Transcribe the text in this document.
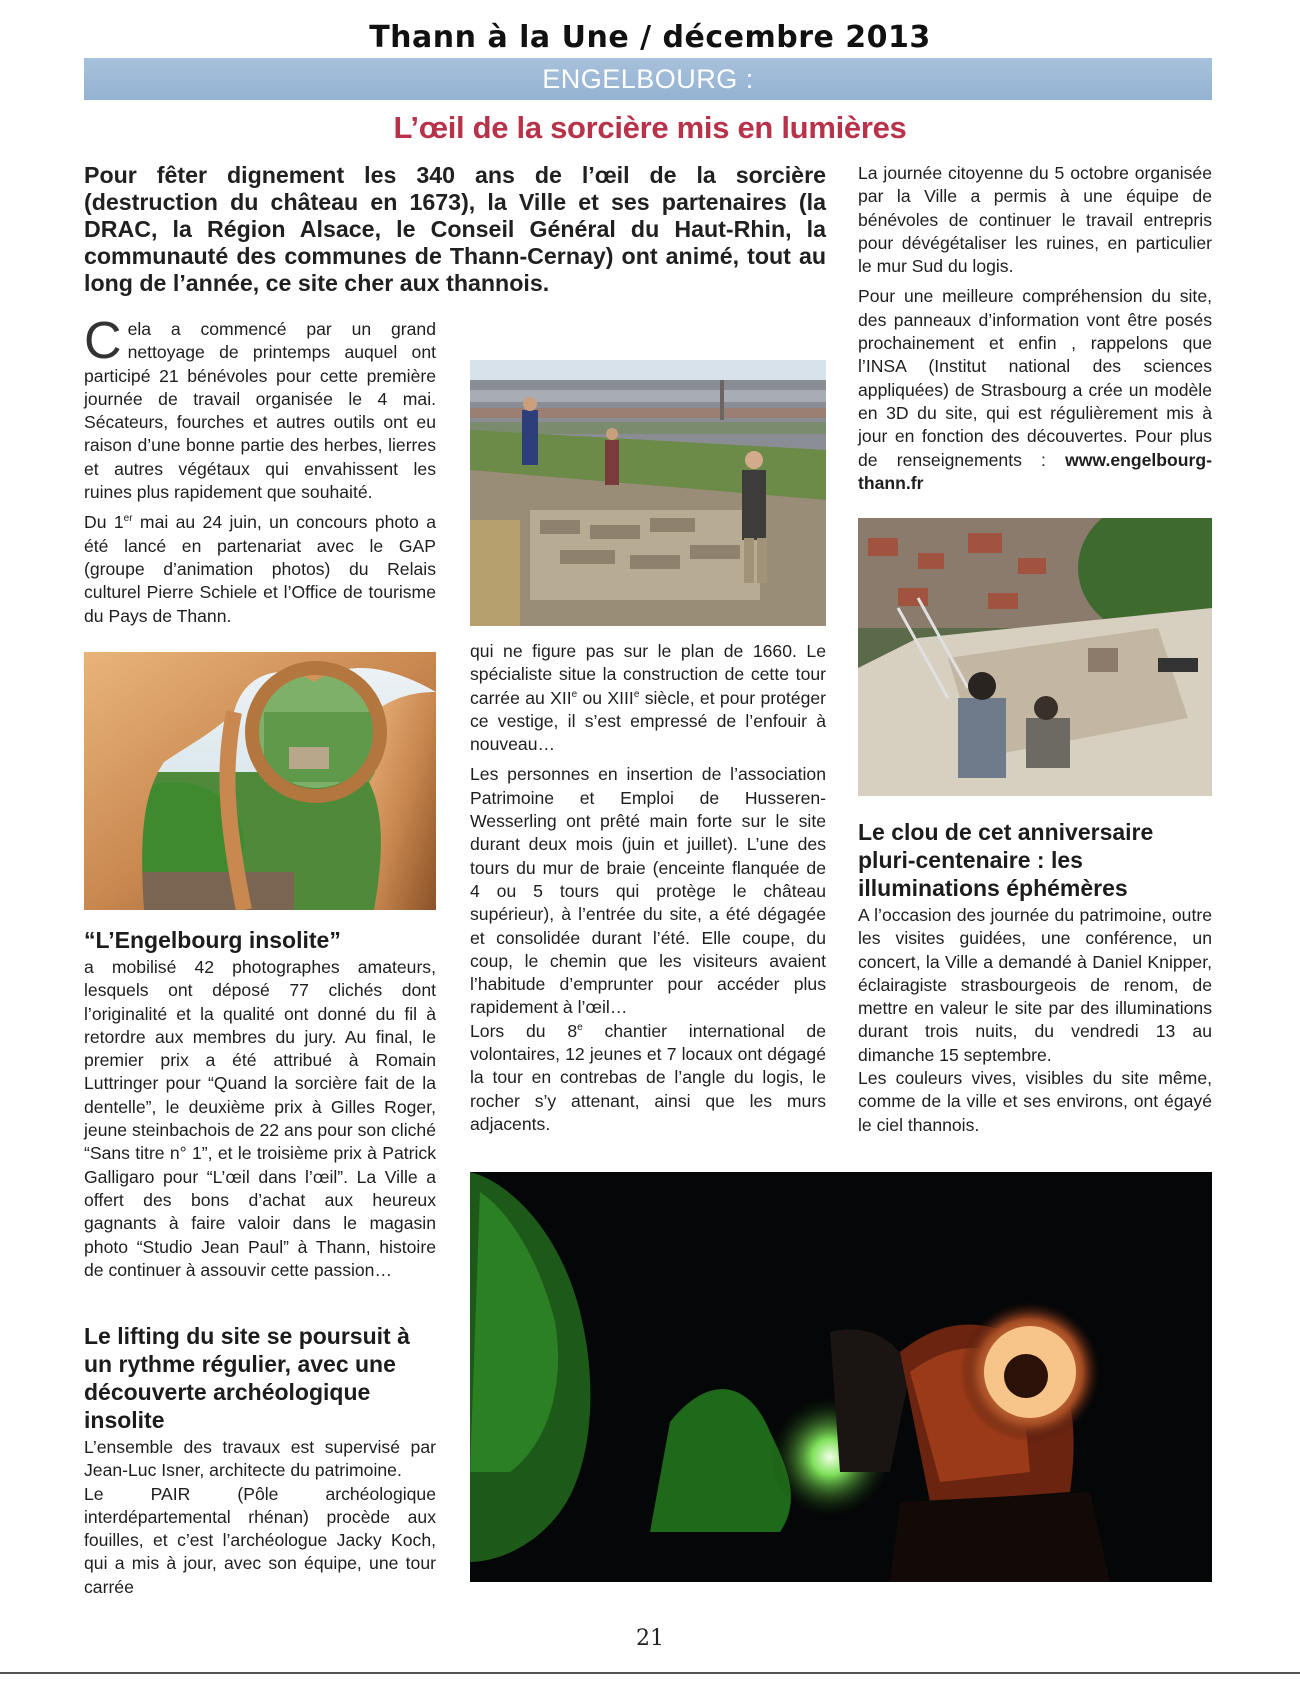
Thann à la Une / décembre 2013
ENGELBOURG :
L’œil de la sorcière mis en lumières
Pour fêter dignement les 340 ans de l’œil de la sorcière (destruction du château en 1673), la Ville et ses partenaires (la DRAC, la Région Alsace, le Conseil Général du Haut-Rhin, la communauté des communes de Thann-Cernay) ont animé, tout au long de l’année, ce site cher aux thannois.

Cela a commencé par un grand nettoyage de printemps auquel ont participé 21 bénévoles pour cette première journée de travail organisée le 4 mai. Sécateurs, fourches et autres outils ont eu raison d’une bonne partie des herbes, lierres et autres végétaux qui envahissent les ruines plus rapidement que souhaité.

Du 1er mai au 24 juin, un concours photo a été lancé en partenariat avec le GAP (groupe d’animation photos) du Relais culturel Pierre Schiele et l’Office de tourisme du Pays de Thann.

“L’Engelbourg insolite”

a mobilisé 42 photographes amateurs, lesquels ont déposé 77 clichés dont l’originalité et la qualité ont donné du fil à retordre aux membres du jury. Au final, le premier prix a été attribué à Romain Luttringer pour “Quand la sorcière fait de la dentelle”, le deuxième prix à Gilles Roger, jeune steinbachois de 22 ans pour son cliché “Sans titre n° 1”, et le troisième prix à Patrick Galligaro pour “L’œil dans l’œil”. La Ville a offert des bons d’achat aux heureux gagnants à faire valoir dans le magasin photo “Studio Jean Paul” à Thann, histoire de continuer à assouvir cette passion…

Le lifting du site se poursuit à un rythme régulier, avec une découverte archéologique insolite

L’ensemble des travaux est supervisé par Jean-Luc Isner, architecte du patrimoine.

Le PAIR (Pôle archéologique interdépartemental rhénan) procède aux fouilles, et c’est l’archéologue Jacky Koch, qui a mis à jour, avec son équipe, une tour carrée

qui ne figure pas sur le plan de 1660. Le spécialiste situe la construction de cette tour carrée au XIIe ou XIIIe siècle, et pour protéger ce vestige, il s’est empressé de l’enfouir à nouveau…

Les personnes en insertion de l’association Patrimoine et Emploi de Husseren-Wesserling ont prêté main forte sur le site durant deux mois (juin et juillet). L’une des tours du mur de braie (enceinte flanquée de 4 ou 5 tours qui protège le château supérieur), à l’entrée du site, a été dégagée et consolidée durant l’été. Elle coupe, du coup, le chemin que les visiteurs avaient l’habitude d’emprunter pour accéder plus rapidement à l’œil…

Lors du 8e chantier international de volontaires, 12 jeunes et 7 locaux ont dégagé la tour en contrebas de l’angle du logis, le rocher s’y attenant, ainsi que les murs adjacents.

La journée citoyenne du 5 octobre organisée par la Ville a permis à une équipe de bénévoles de continuer le travail entrepris pour dévégétaliser les ruines, en particulier le mur Sud du logis.

Pour une meilleure compréhension du site, des panneaux d’information vont être posés prochainement et enfin , rappelons que l’INSA (Institut national des sciences appliquées) de Strasbourg a crée un modèle en 3D du site, qui est régulièrement mis à jour en fonction des découvertes. Pour plus de renseignements : www.engelbourg-thann.fr

Le clou de cet anniversaire pluri-centenaire : les illuminations éphémères

A l’occasion des journée du patrimoine, outre les visites guidées, une conférence, un concert, la Ville a demandé à Daniel Knipper, éclairagiste strasbourgeois de renom, de mettre en valeur le site par des illuminations durant trois nuits, du vendredi 13 au dimanche 15 septembre.

Les couleurs vives, visibles du site même, comme de la ville et ses environs, ont égayé le ciel thannois.

21
